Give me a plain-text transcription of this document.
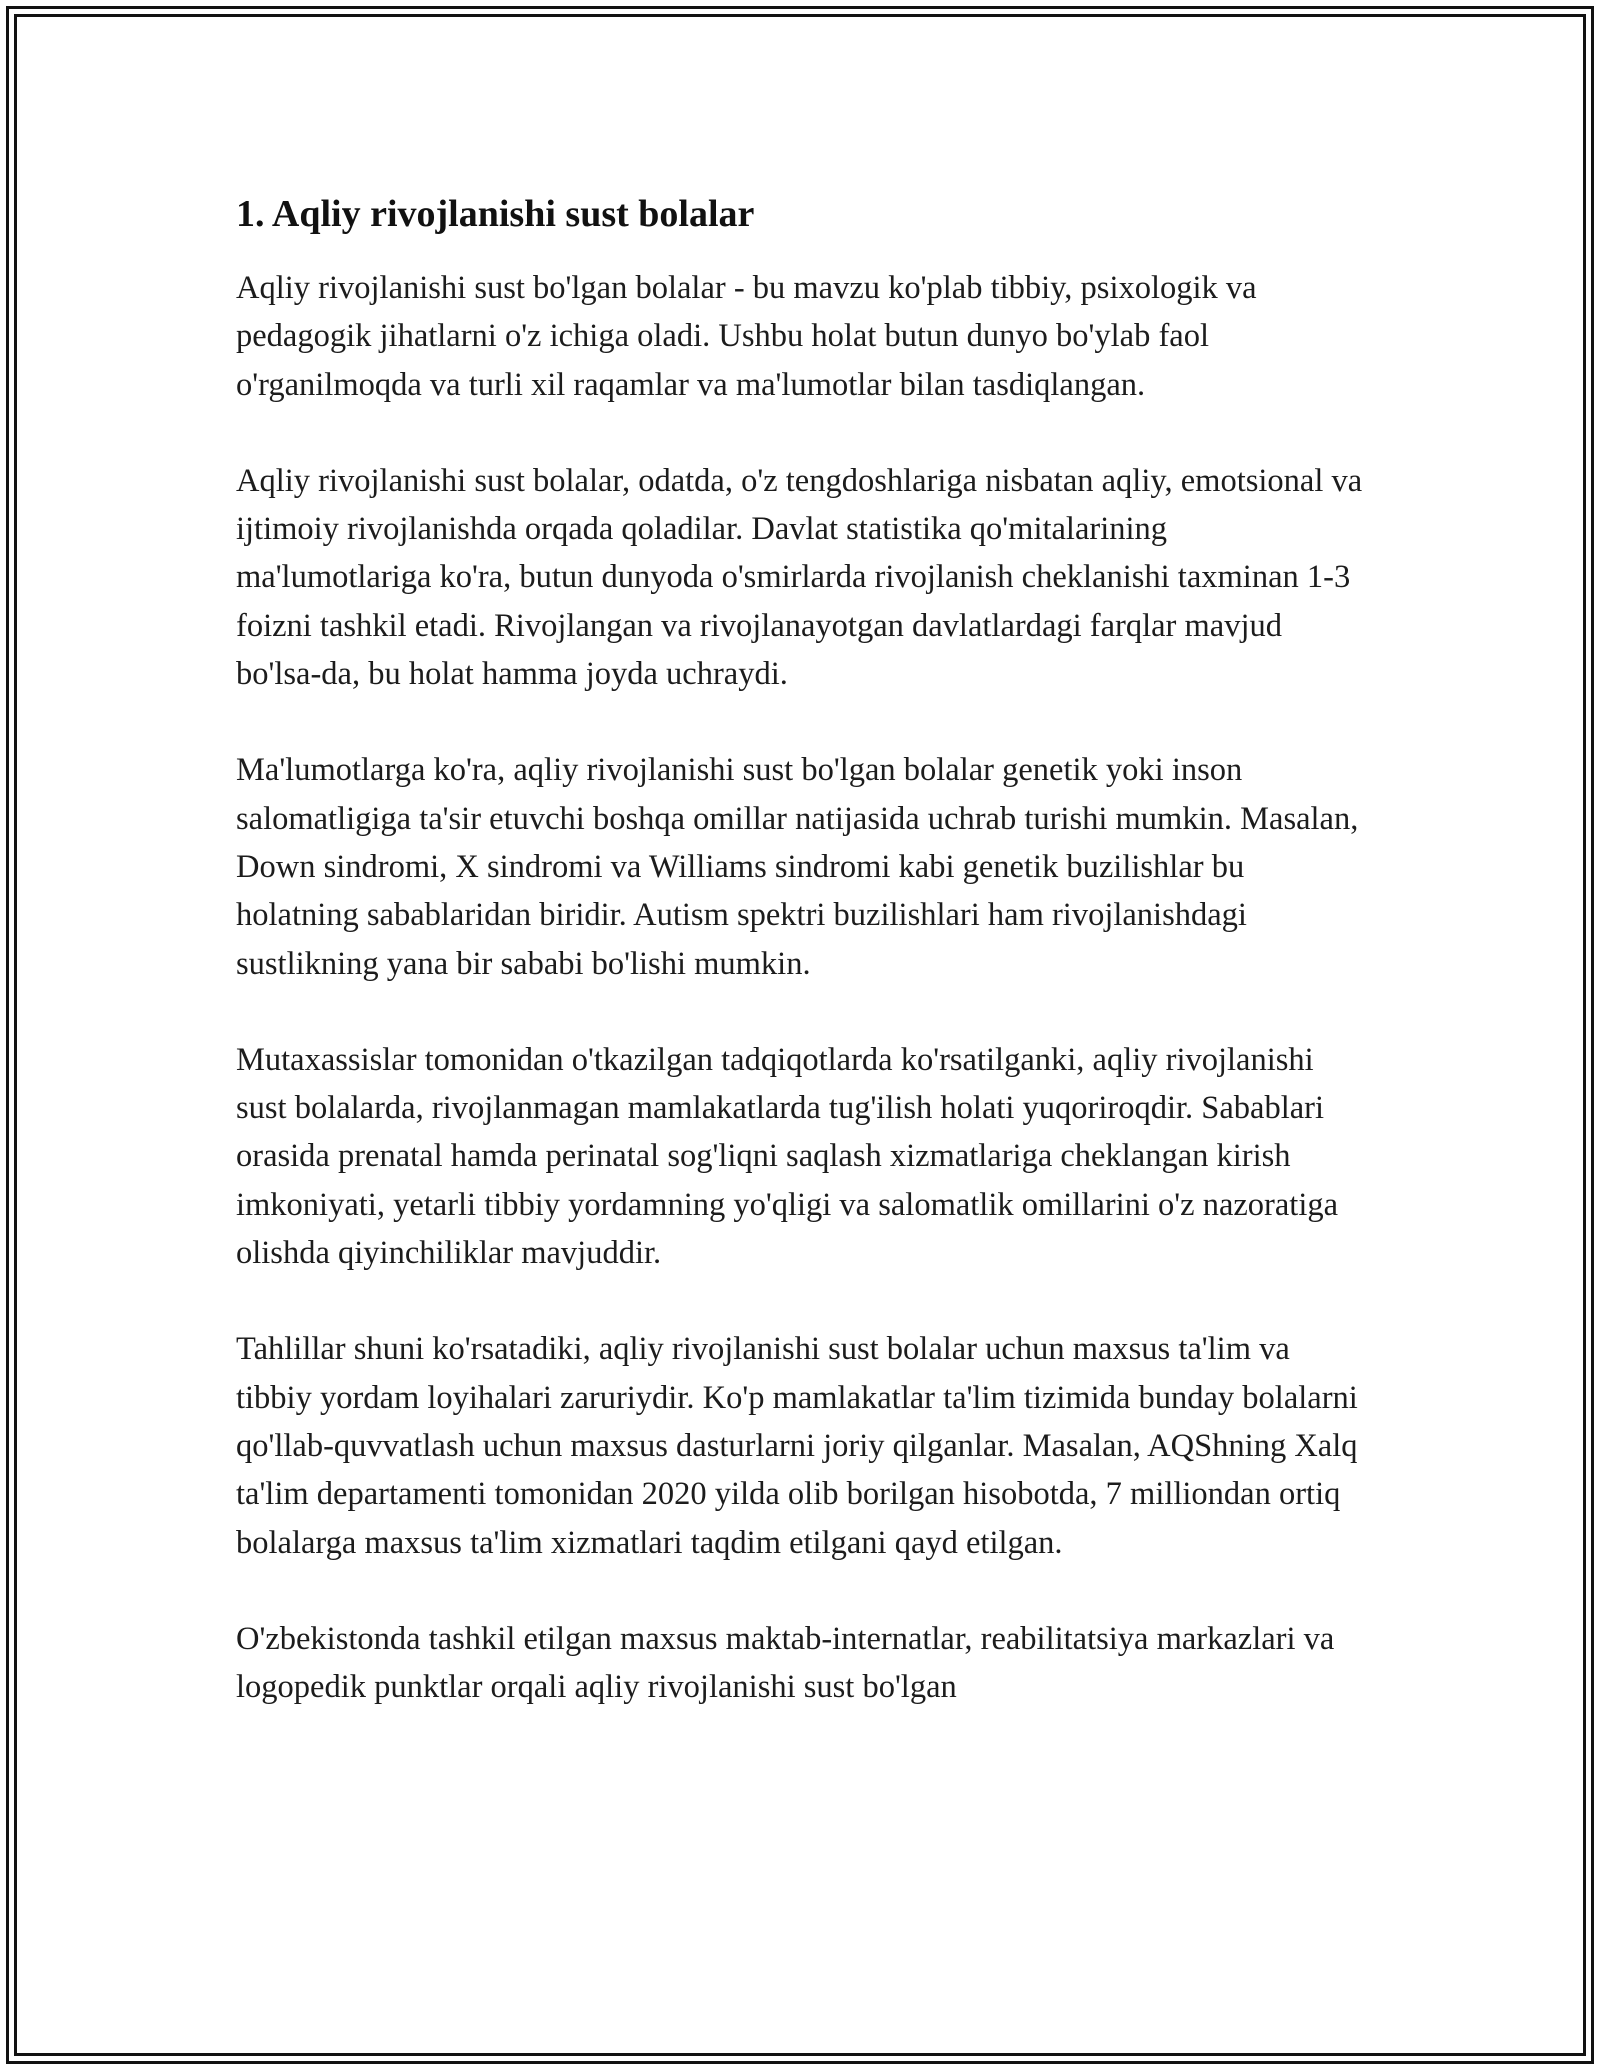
1. Aqliy rivojlanishi sust bolalar

Aqliy rivojlanishi sust bo'lgan bolalar - bu mavzu ko'plab tibbiy, psixologik va pedagogik jihatlarni o'z ichiga oladi. Ushbu holat butun dunyo bo'ylab faol o'rganilmoqda va turli xil raqamlar va ma'lumotlar bilan tasdiqlangan.

Aqliy rivojlanishi sust bolalar, odatda, o'z tengdoshlariga nisbatan aqliy, emotsional va ijtimoiy rivojlanishda orqada qoladilar. Davlat statistika qo'mitalarining ma'lumotlariga ko'ra, butun dunyoda o'smirlarda rivojlanish cheklanishi taxminan 1-3 foizni tashkil etadi. Rivojlangan va rivojlanayotgan davlatlardagi farqlar mavjud bo'lsa-da, bu holat hamma joyda uchraydi.

Ma'lumotlarga ko'ra, aqliy rivojlanishi sust bo'lgan bolalar genetik yoki inson salomatligiga ta'sir etuvchi boshqa omillar natijasida uchrab turishi mumkin. Masalan, Down sindromi, X sindromi va Williams sindromi kabi genetik buzilishlar bu holatning sabablaridan biridir. Autism spektri buzilishlari ham rivojlanishdagi sustlikning yana bir sababi bo'lishi mumkin.

Mutaxassislar tomonidan o'tkazilgan tadqiqotlarda ko'rsatilganki, aqliy rivojlanishi sust bolalarda, rivojlanmagan mamlakatlarda tug'ilish holati yuqoriroqdir. Sabablari orasida prenatal hamda perinatal sog'liqni saqlash xizmatlariga cheklangan kirish imkoniyati, yetarli tibbiy yordamning yo'qligi va salomatlik omillarini o'z nazoratiga olishda qiyinchiliklar mavjuddir.

Tahlillar shuni ko'rsatadiki, aqliy rivojlanishi sust bolalar uchun maxsus ta'lim va tibbiy yordam loyihalari zaruriydir. Ko'p mamlakatlar ta'lim tizimida bunday bolalarni qo'llab-quvvatlash uchun maxsus dasturlarni joriy qilganlar. Masalan, AQShning Xalq ta'lim departamenti tomonidan 2020 yilda olib borilgan hisobotda, 7 milliondan ortiq bolalarga maxsus ta'lim xizmatlari taqdim etilgani qayd etilgan.

O'zbekistonda tashkil etilgan maxsus maktab-internatlar, reabilitatsiya markazlari va logopedik punktlar orqali aqliy rivojlanishi sust bo'lgan
